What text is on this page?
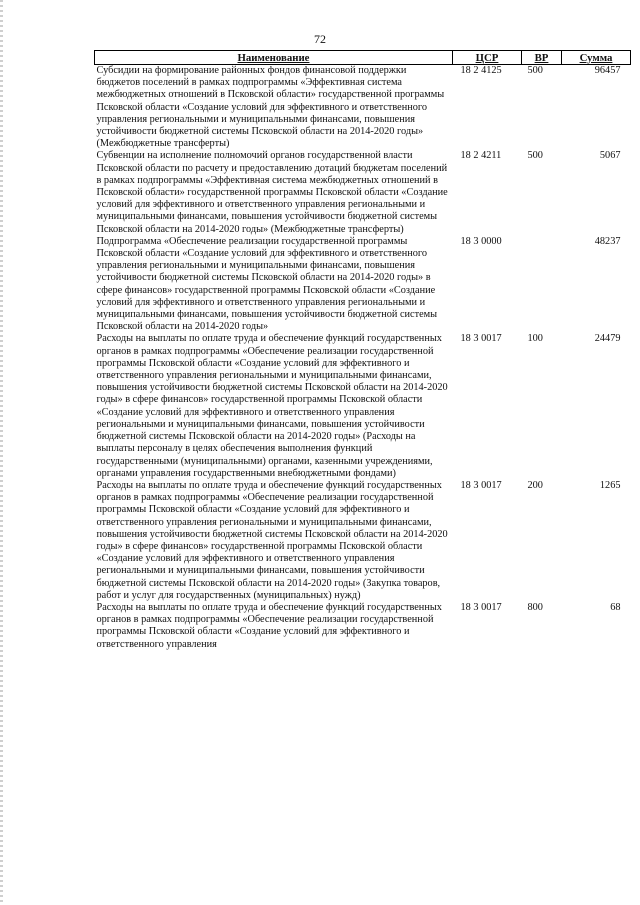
72
Наименование	ЦСР	ВР	Сумма
Субсидии на формирование районных фондов финансовой поддержки бюджетов поселений в рамках подпрограммы «Эффективная система межбюджетных отношений в Псковской области» государственной программы Псковской области «Создание условий для эффективного и ответственного управления региональными и муниципальными финансами, повышения устойчивости бюджетной системы Псковской области на 2014-2020 годы» (Межбюджетные трансферты)	18 2 4125	500	96457
Субвенции на исполнение полномочий органов государственной власти Псковской области по расчету и предоставлению дотаций бюджетам поселений в рамках подпрограммы «Эффективная система межбюджетных отношений в Псковской области» государственной программы Псковской области «Создание условий для эффективного и ответственного управления региональными и муниципальными финансами, повышения устойчивости бюджетной системы Псковской области на 2014-2020 годы» (Межбюджетные трансферты)	18 2 4211	500	5067
Подпрограмма «Обеспечение реализации государственной программы Псковской области «Создание условий для эффективного и ответственного управления региональными и муниципальными финансами, повышения устойчивости бюджетной системы Псковской области на 2014-2020 годы» в сфере финансов» государственной программы Псковской области «Создание условий для эффективного и ответственного управления региональными и муниципальными финансами, повышения устойчивости бюджетной системы Псковской области на 2014-2020 годы»	18 3 0000		48237
Расходы на выплаты по оплате труда и обеспечение функций государственных органов в рамках подпрограммы «Обеспечение реализации государственной программы Псковской области «Создание условий для эффективного и ответственного управления региональными и муниципальными финансами, повышения устойчивости бюджетной системы Псковской области на 2014-2020 годы» в сфере финансов» государственной программы Псковской области «Создание условий для эффективного и ответственного управления региональными и муниципальными финансами, повышения устойчивости бюджетной системы Псковской области на 2014-2020 годы» (Расходы на выплаты персоналу в целях обеспечения выполнения функций государственными (муниципальными) органами, казенными учреждениями, органами управления государственными внебюджетными фондами)	18 3 0017	100	24479
Расходы на выплаты по оплате труда и обеспечение функций государственных органов в рамках подпрограммы «Обеспечение реализации государственной программы Псковской области «Создание условий для эффективного и ответственного управления региональными и муниципальными финансами, повышения устойчивости бюджетной системы Псковской области на 2014-2020 годы» в сфере финансов» государственной программы Псковской области «Создание условий для эффективного и ответственного управления региональными и муниципальными финансами, повышения устойчивости бюджетной системы Псковской области на 2014-2020 годы» (Закупка товаров, работ и услуг для государственных (муниципальных) нужд)	18 3 0017	200	1265
Расходы на выплаты по оплате труда и обеспечение функций государственных органов в рамках подпрограммы «Обеспечение реализации государственной программы Псковской области «Создание условий для эффективного и ответственного управления	18 3 0017	800	68
